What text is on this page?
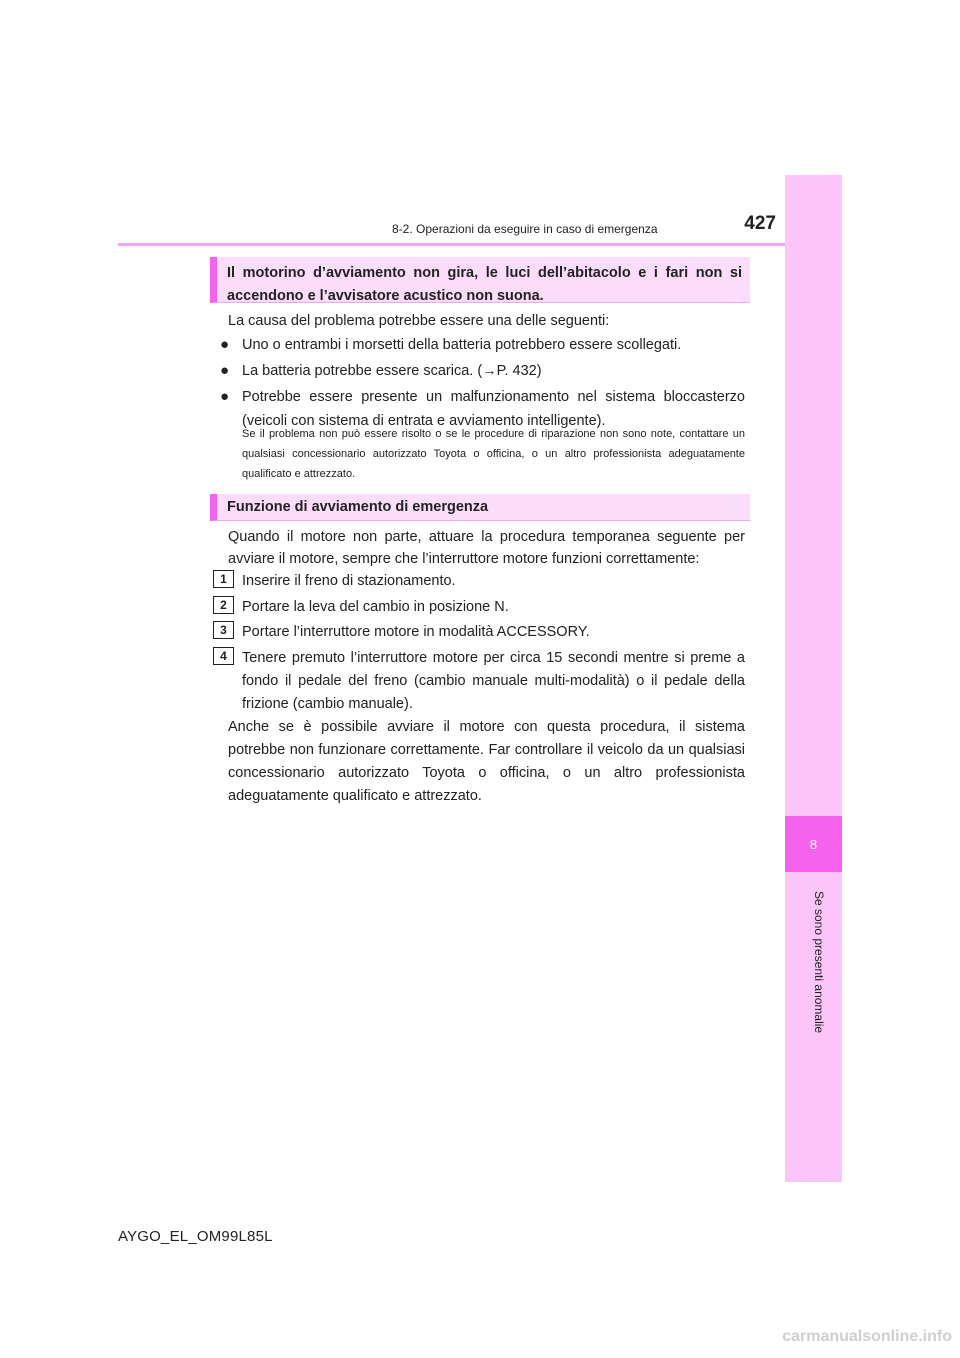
8
Se sono presenti anomalie
8-2. Operazioni da eseguire in caso di emergenza	427
Il motorino d’avviamento non gira, le luci dell’abitacolo e i fari non si accendono e l’avvisatore acustico non suona.
La causa del problema potrebbe essere una delle seguenti:
● Uno o entrambi i morsetti della batteria potrebbero essere scollegati.
● La batteria potrebbe essere scarica. (→P. 432)
● Potrebbe essere presente un malfunzionamento nel sistema bloccasterzo (veicoli con sistema di entrata e avviamento intelligente).
Se il problema non può essere risolto o se le procedure di riparazione non sono note, contattare un qualsiasi concessionario autorizzato Toyota o officina, o un altro professionista adeguatamente qualificato e attrezzato.
Funzione di avviamento di emergenza
Quando il motore non parte, attuare la procedura temporanea seguente per avviare il motore, sempre che l’interruttore motore funzioni correttamente:
1	Inserire il freno di stazionamento.
2	Portare la leva del cambio in posizione N.
3	Portare l’interruttore motore in modalità ACCESSORY.
4	Tenere premuto l’interruttore motore per circa 15 secondi mentre si preme a fondo il pedale del freno (cambio manuale multi-modalità) o il pedale della frizione (cambio manuale).
Anche se è possibile avviare il motore con questa procedura, il sistema potrebbe non funzionare correttamente. Far controllare il veicolo da un qualsiasi concessionario autorizzato Toyota o officina, o un altro professionista adeguatamente qualificato e attrezzato.
AYGO_EL_OM99L85L
carmanualsonline.info
